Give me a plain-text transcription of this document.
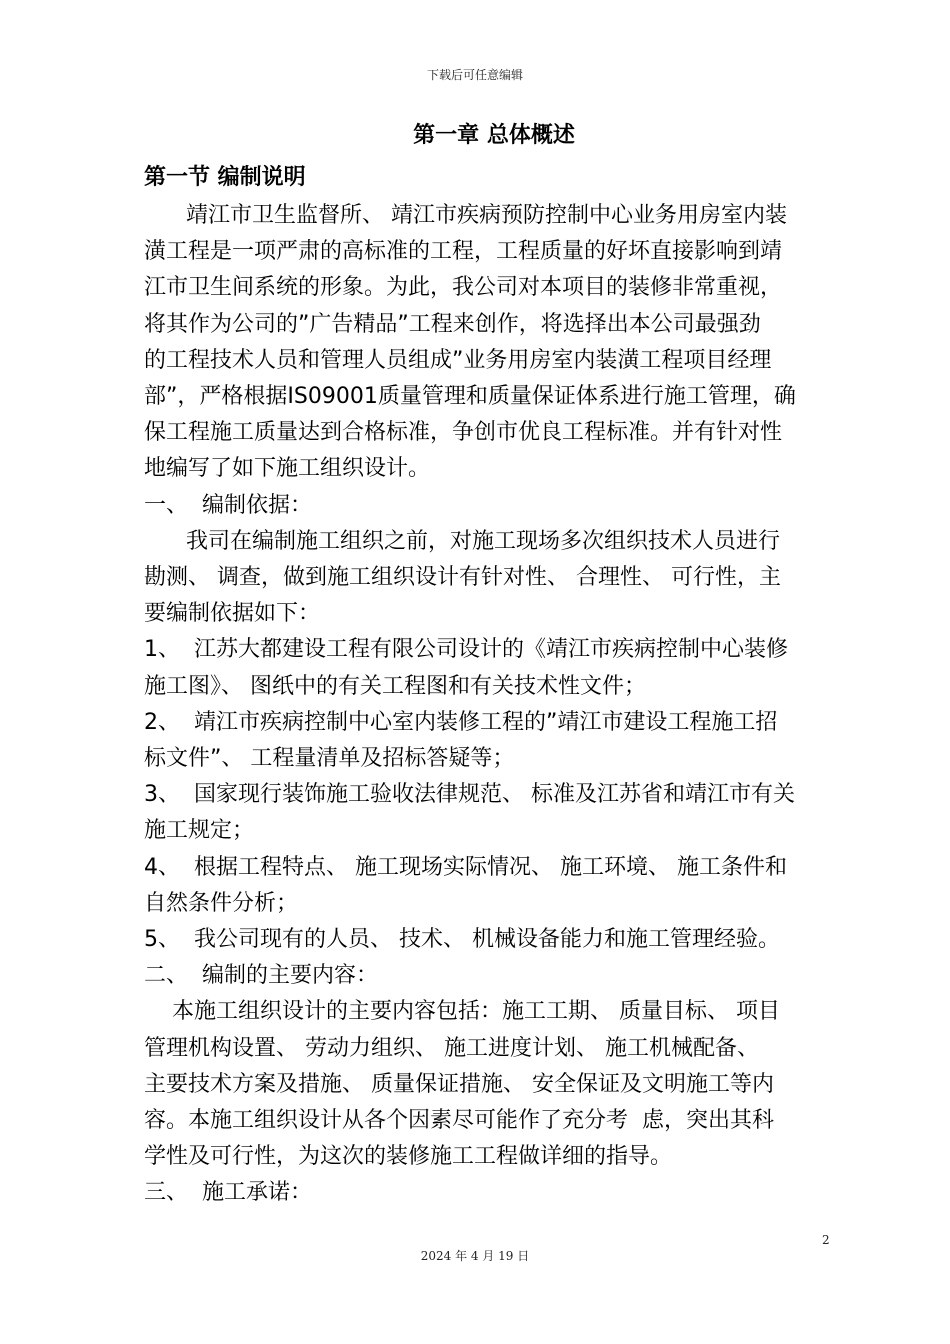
下载后可任意编辑
第一章 总体概述
第一节 编制说明
靖江市卫生监督所、 靖江市疾病预防控制中心业务用房室内装
潢工程是一项严肃的高标准的工程，工程质量的好坏直接影响到靖
江市卫生间系统的形象。为此，我公司对本项目的装修非常重视，
将其作为公司的”广告精品”工程来创作，将选择出本公司最强劲
的工程技术人员和管理人员组成”业务用房室内装潢工程项目经理
部”，严格根据IS09001质量管理和质量保证体系进行施工管理，确
保工程施工质量达到合格标准，争创市优良工程标准。并有针对性
地编写了如下施工组织设计。
一、  编制依据：
我司在编制施工组织之前，对施工现场多次组织技术人员进行
勘测、 调查，做到施工组织设计有针对性、 合理性、 可行性，主
要编制依据如下：
1、  江苏大都建设工程有限公司设计的《靖江市疾病控制中心装修
施工图》、 图纸中的有关工程图和有关技术性文件；
2、  靖江市疾病控制中心室内装修工程的”靖江市建设工程施工招
标文件”、 工程量清单及招标答疑等；
3、  国家现行装饰施工验收法律规范、 标准及江苏省和靖江市有关
施工规定；
4、  根据工程特点、 施工现场实际情况、 施工环境、 施工条件和
自然条件分析；
5、  我公司现有的人员、 技术、 机械设备能力和施工管理经验。
二、  编制的主要内容：
本施工组织设计的主要内容包括：施工工期、 质量目标、 项目
管理机构设置、 劳动力组织、 施工进度计划、 施工机械配备、
主要技术方案及措施、 质量保证措施、 安全保证及文明施工等内
容。本施工组织设计从各个因素尽可能作了充分考  虑，突出其科
学性及可行性，为这次的装修施工工程做详细的指导。
三、  施工承诺：
2
2024 年 4 月 19 日
